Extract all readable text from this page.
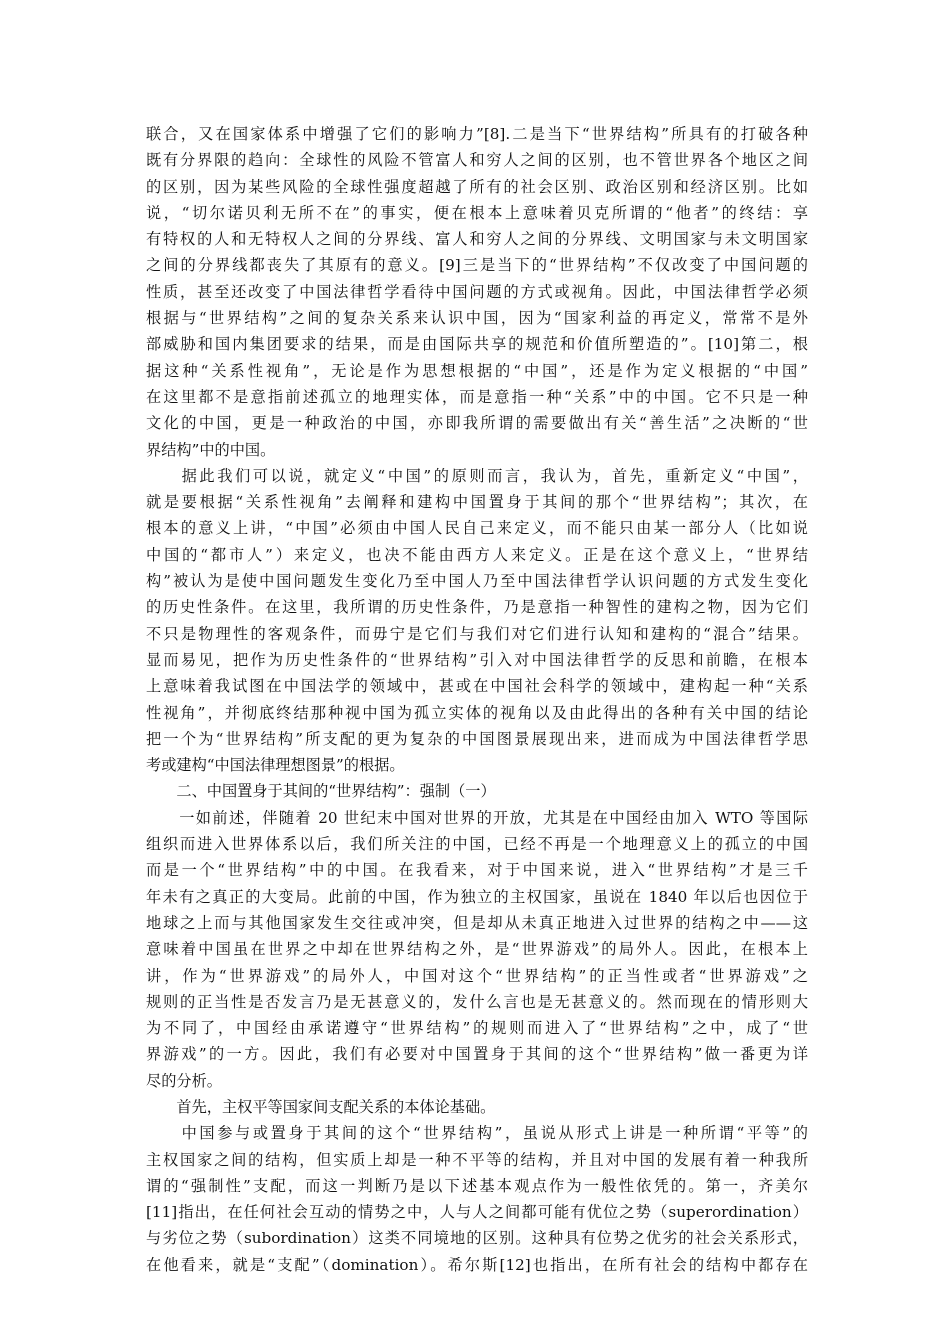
联合，又在国家体系中增强了它们的影响力”[8].二是当下“世界结构”所具有的打破各种
既有分界限的趋向：全球性的风险不管富人和穷人之间的区别，也不管世界各个地区之间
的区别，因为某些风险的全球性强度超越了所有的社会区别、政治区别和经济区别。比如
说，“切尔诺贝利无所不在”的事实，便在根本上意味着贝克所谓的“他者”的终结：享
有特权的人和无特权人之间的分界线、富人和穷人之间的分界线、文明国家与未文明国家
之间的分界线都丧失了其原有的意义。[9]三是当下的“世界结构”不仅改变了中国问题的
性质，甚至还改变了中国法律哲学看待中国问题的方式或视角。因此，中国法律哲学必须
根据与“世界结构”之间的复杂关系来认识中国，因为“国家利益的再定义，常常不是外
部威胁和国内集团要求的结果，而是由国际共享的规范和价值所塑造的”。[10]第二，根
据这种“关系性视角”，无论是作为思想根据的“中国”，还是作为定义根据的“中国”
在这里都不是意指前述孤立的地理实体，而是意指一种“关系”中的中国。它不只是一种
文化的中国，更是一种政治的中国，亦即我所谓的需要做出有关“善生活”之决断的“世
界结构”中的中国。
　　据此我们可以说，就定义“中国”的原则而言，我认为，首先，重新定义“中国”，
就是要根据“关系性视角”去阐释和建构中国置身于其间的那个“世界结构”；其次，在
根本的意义上讲，“中国”必须由中国人民自己来定义，而不能只由某一部分人（比如说
中国的“都市人”）来定义，也决不能由西方人来定义。正是在这个意义上，“世界结
构”被认为是使中国问题发生变化乃至中国人乃至中国法律哲学认识问题的方式发生变化
的历史性条件。在这里，我所谓的历史性条件，乃是意指一种智性的建构之物，因为它们
不只是物理性的客观条件，而毋宁是它们与我们对它们进行认知和建构的“混合”结果。
显而易见，把作为历史性条件的“世界结构”引入对中国法律哲学的反思和前瞻，在根本
上意味着我试图在中国法学的领域中，甚或在中国社会科学的领域中，建构起一种“关系
性视角”，并彻底终结那种视中国为孤立实体的视角以及由此得出的各种有关中国的结论
把一个为“世界结构”所支配的更为复杂的中国图景展现出来，进而成为中国法律哲学思
考或建构“中国法律理想图景”的根据。

　　二、中国置身于其间的“世界结构”：强制（一）

　　一如前述，伴随着 20 世纪末中国对世界的开放，尤其是在中国经由加入 WTO 等国际
组织而进入世界体系以后，我们所关注的中国，已经不再是一个地理意义上的孤立的中国
而是一个“世界结构”中的中国。在我看来，对于中国来说，进入“世界结构”才是三千
年未有之真正的大变局。此前的中国，作为独立的主权国家，虽说在 1840 年以后也因位于
地球之上而与其他国家发生交往或冲突，但是却从未真正地进入过世界的结构之中——这
意味着中国虽在世界之中却在世界结构之外，是“世界游戏”的局外人。因此，在根本上
讲，作为“世界游戏”的局外人，中国对这个“世界结构”的正当性或者“世界游戏”之
规则的正当性是否发言乃是无甚意义的，发什么言也是无甚意义的。然而现在的情形则大
为不同了，中国经由承诺遵守“世界结构”的规则而进入了“世界结构”之中，成了“世
界游戏”的一方。因此，我们有必要对中国置身于其间的这个“世界结构”做一番更为详
尽的分析。

　　首先，主权平等国家间支配关系的本体论基础。

　　中国参与或置身于其间的这个“世界结构”，虽说从形式上讲是一种所谓“平等”的
主权国家之间的结构，但实质上却是一种不平等的结构，并且对中国的发展有着一种我所
谓的“强制性”支配，而这一判断乃是以下述基本观点作为一般性依凭的。第一，齐美尔
[11]指出，在任何社会互动的情势之中，人与人之间都可能有优位之势（superordination）
与劣位之势（subordination）这类不同境地的区别。这种具有位势之优劣的社会关系形式，
在他看来，就是“支配”（domination）。希尔斯[12]也指出，在所有社会的结构中都存在
